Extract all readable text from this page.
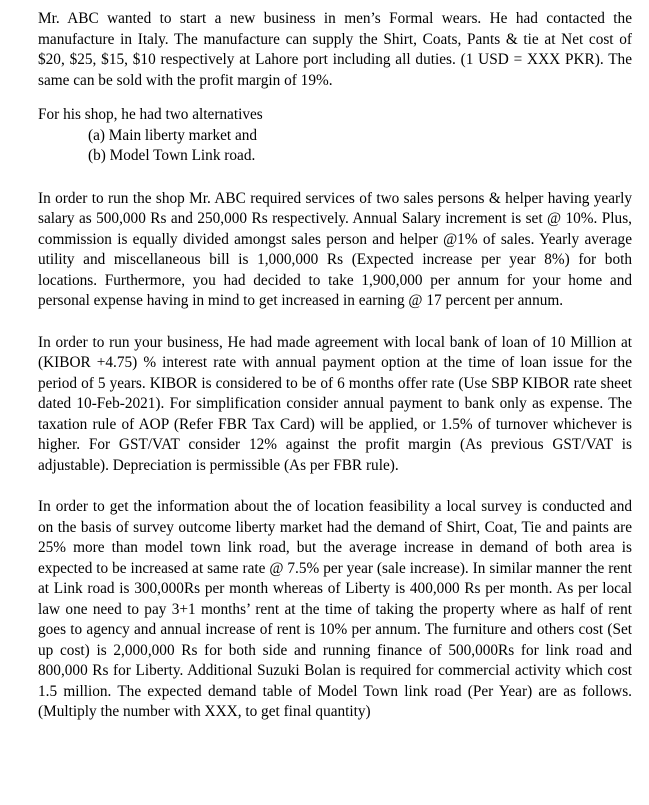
Mr. ABC wanted to start a new business in men’s Formal wears. He had contacted the manufacture in Italy. The manufacture can supply the Shirt, Coats, Pants & tie at Net cost of $20, $25, $15, $10 respectively at Lahore port including all duties. (1 USD = XXX PKR). The same can be sold with the profit margin of 19%.

For his shop, he had two alternatives

(a) Main liberty market and
(b) Model Town Link road.

In order to run the shop Mr. ABC required services of two sales persons & helper having yearly salary as 500,000 Rs and 250,000 Rs respectively. Annual Salary increment is set @ 10%. Plus, commission is equally divided amongst sales person and helper @1% of sales. Yearly average utility and miscellaneous bill is 1,000,000 Rs (Expected increase per year 8%) for both locations. Furthermore, you had decided to take 1,900,000 per annum for your home and personal expense having in mind to get increased in earning @ 17 percent per annum.

In order to run your business, He had made agreement with local bank of loan of 10 Million at (KIBOR +4.75) % interest rate with annual payment option at the time of loan issue for the period of 5 years. KIBOR is considered to be of 6 months offer rate (Use SBP KIBOR rate sheet dated 10-Feb-2021). For simplification consider annual payment to bank only as expense. The taxation rule of AOP (Refer FBR Tax Card) will be applied, or 1.5% of turnover whichever is higher. For GST/VAT consider 12% against the profit margin (As previous GST/VAT is adjustable). Depreciation is permissible (As per FBR rule).

In order to get the information about the of location feasibility a local survey is conducted and on the basis of survey outcome liberty market had the demand of Shirt, Coat, Tie and paints are 25% more than model town link road, but the average increase in demand of both area is expected to be increased at same rate @ 7.5% per year (sale increase). In similar manner the rent at Link road is 300,000Rs per month whereas of Liberty is 400,000 Rs per month. As per local law one need to pay 3+1 months’ rent at the time of taking the property where as half of rent goes to agency and annual increase of rent is 10% per annum. The furniture and others cost (Set up cost) is 2,000,000 Rs for both side and running finance of 500,000Rs for link road and 800,000 Rs for Liberty. Additional Suzuki Bolan is required for commercial activity which cost 1.5 million. The expected demand table of Model Town link road (Per Year) are as follows. (Multiply the number with XXX, to get final quantity)
